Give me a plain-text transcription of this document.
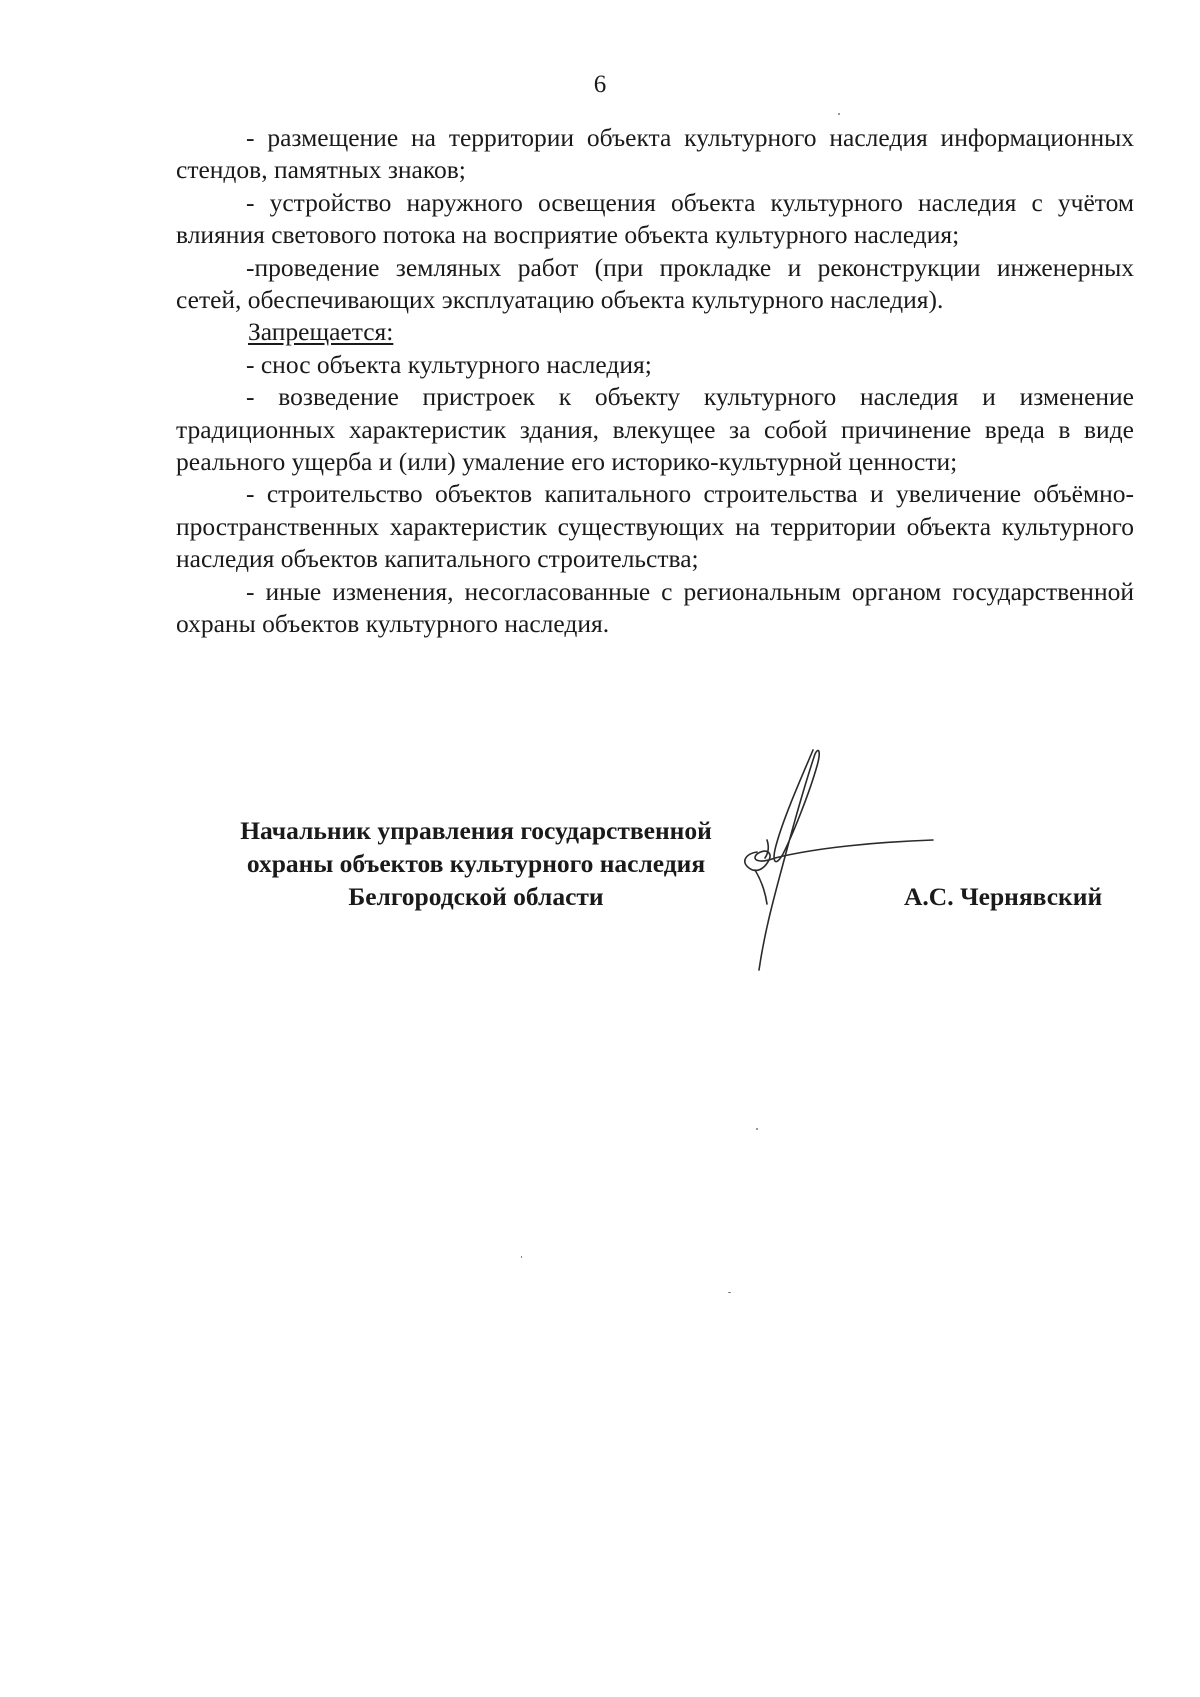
6

- размещение на территории объекта культурного наследия информационных стендов, памятных знаков;

- устройство наружного освещения объекта культурного наследия с учётом влияния светового потока на восприятие объекта культурного наследия;

-проведение земляных работ (при прокладке и реконструкции инженерных сетей, обеспечивающих эксплуатацию объекта культурного наследия).

Запрещается:

- снос объекта культурного наследия;

- возведение пристроек к объекту культурного наследия и изменение традиционных характеристик здания, влекущее за собой причинение вреда в виде реального ущерба и (или) умаление его историко-культурной ценности;

- строительство объектов капитального строительства и увеличение объёмно-пространственных характеристик существующих на территории объекта культурного наследия объектов капитального строительства;

- иные изменения, несогласованные с региональным органом государственной охраны объектов культурного наследия.

Начальник управления государственной
охраны объектов культурного наследия
Белгородской области	А.С. Чернявский
